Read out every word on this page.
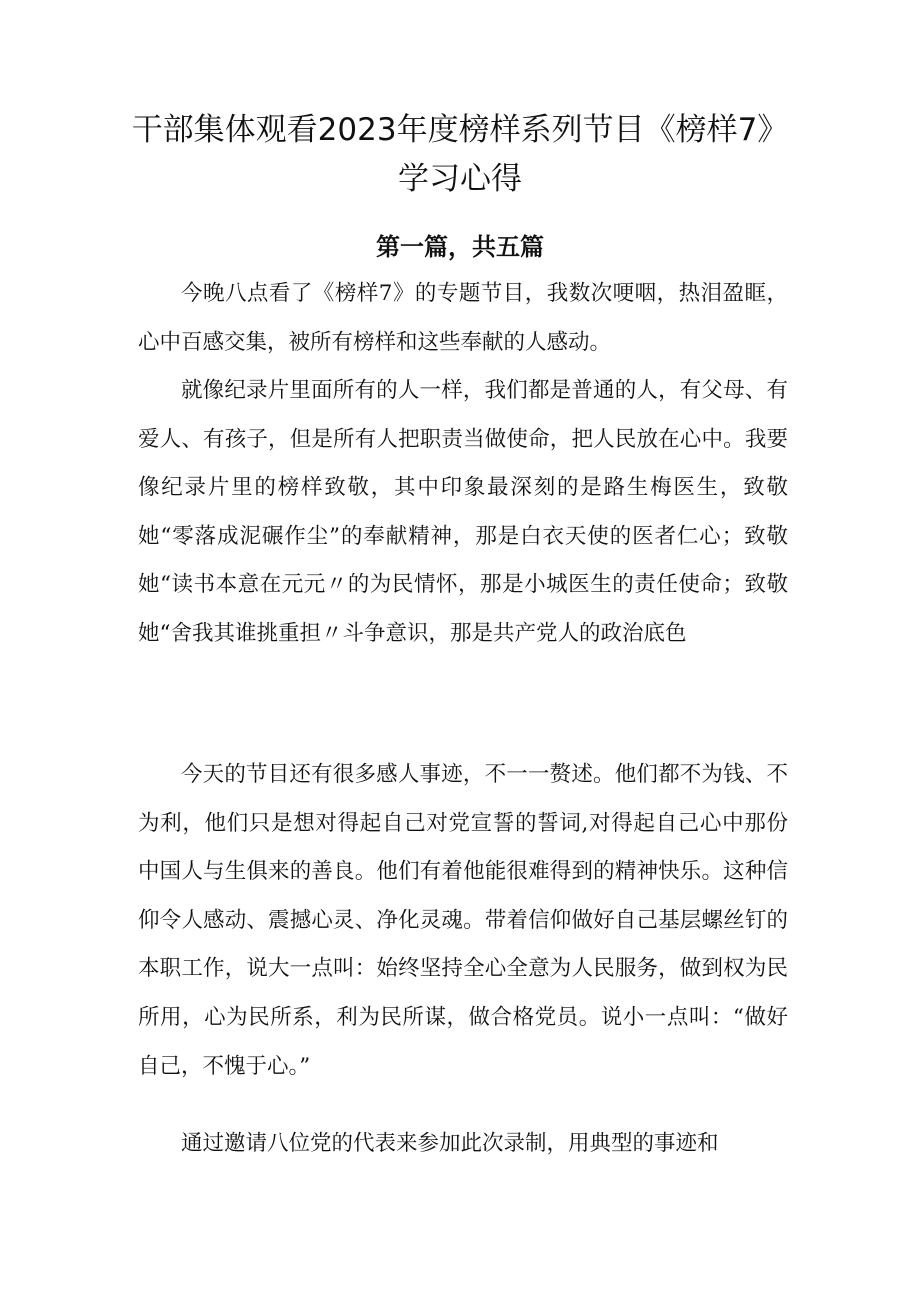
干部集体观看2023年度榜样系列节目《榜样7》学习心得
第一篇，共五篇

今晚八点看了《榜样7》的专题节目，我数次哽咽，热泪盈眶，心中百感交集，被所有榜样和这些奉献的人感动。

就像纪录片里面所有的人一样，我们都是普通的人，有父母、有爱人、有孩子，但是所有人把职责当做使命，把人民放在心中。我要像纪录片里的榜样致敬，其中印象最深刻的是路生梅医生，致敬她“零落成泥碾作尘”的奉献精神，那是白衣天使的医者仁心；致敬她“读书本意在元元〃的为民情怀，那是小城医生的责任使命；致敬她“舍我其谁挑重担〃斗争意识，那是共产党人的政治底色

今天的节目还有很多感人事迹，不一一赘述。他们都不为钱、不为利，他们只是想对得起自己对党宣誓的誓词,对得起自己心中那份中国人与生俱来的善良。他们有着他能很难得到的精神快乐。这种信仰令人感动、震撼心灵、净化灵魂。带着信仰做好自己基层螺丝钉的本职工作，说大一点叫：始终坚持全心全意为人民服务，做到权为民所用，心为民所系，利为民所谋，做合格党员。说小一点叫：“做好自己，不愧于心。”

通过邀请八位党的代表来参加此次录制，用典型的事迹和
